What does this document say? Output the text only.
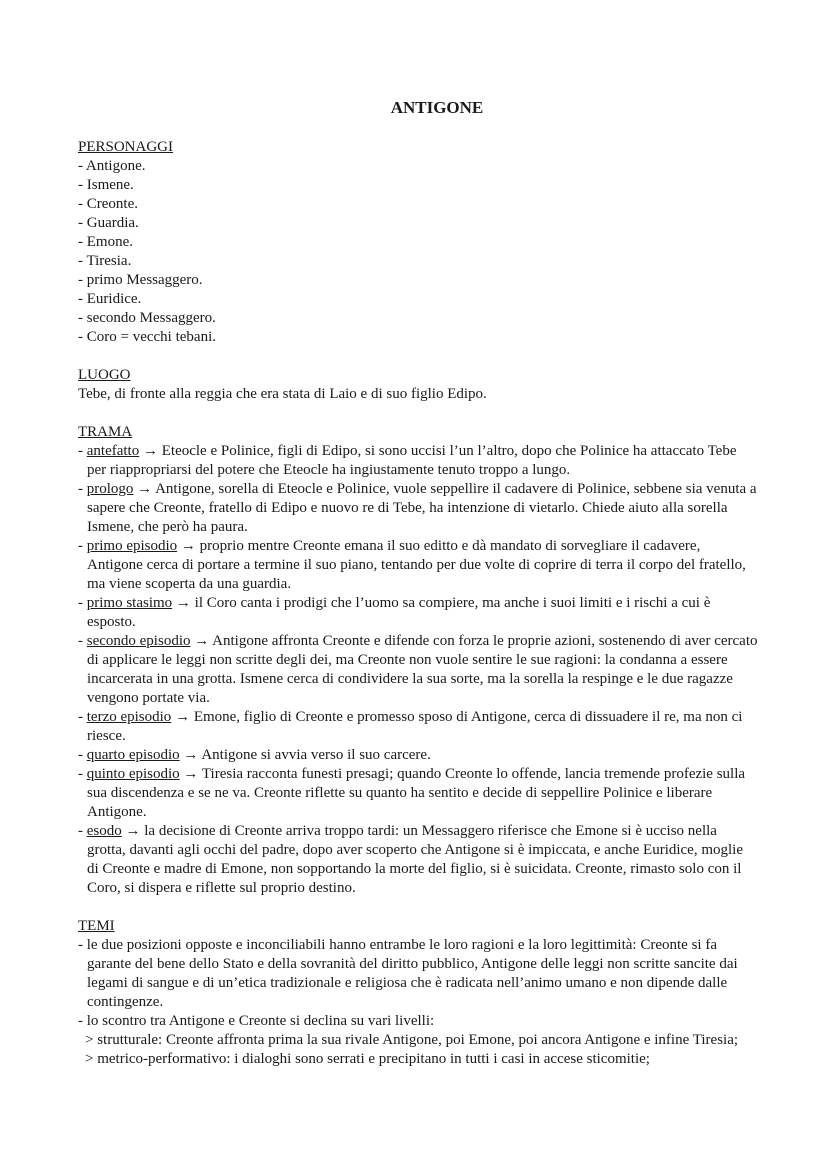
ANTIGONE
PERSONAGGI
- Antigone.
- Ismene.
- Creonte.
- Guardia.
- Emone.
- Tiresia.
- primo Messaggero.
- Euridice.
- secondo Messaggero.
- Coro = vecchi tebani.
LUOGO
Tebe, di fronte alla reggia che era stata di Laio e di suo figlio Edipo.
TRAMA
- antefatto → Eteocle e Polinice, figli di Edipo, si sono uccisi l’un l’altro, dopo che Polinice ha attaccato Tebe per riappropriarsi del potere che Eteocle ha ingiustamente tenuto troppo a lungo.
- prologo → Antigone, sorella di Eteocle e Polinice, vuole seppellire il cadavere di Polinice, sebbene sia venuta a sapere che Creonte, fratello di Edipo e nuovo re di Tebe, ha intenzione di vietarlo. Chiede aiuto alla sorella Ismene, che però ha paura.
- primo episodio → proprio mentre Creonte emana il suo editto e dà mandato di sorvegliare il cadavere, Antigone cerca di portare a termine il suo piano, tentando per due volte di coprire di terra il corpo del fratello, ma viene scoperta da una guardia.
- primo stasimo → il Coro canta i prodigi che l’uomo sa compiere, ma anche i suoi limiti e i rischi a cui è esposto.
- secondo episodio → Antigone affronta Creonte e difende con forza le proprie azioni, sostenendo di aver cercato di applicare le leggi non scritte degli dei, ma Creonte non vuole sentire le sue ragioni: la condanna a essere incarcerata in una grotta. Ismene cerca di condividere la sua sorte, ma la sorella la respinge e le due ragazze vengono portate via.
- terzo episodio → Emone, figlio di Creonte e promesso sposo di Antigone, cerca di dissuadere il re, ma non ci riesce.
- quarto episodio → Antigone si avvia verso il suo carcere.
- quinto episodio → Tiresia racconta funesti presagi; quando Creonte lo offende, lancia tremende profezie sulla sua discendenza e se ne va. Creonte riflette su quanto ha sentito e decide di seppellire Polinice e liberare Antigone.
- esodo → la decisione di Creonte arriva troppo tardi: un Messaggero riferisce che Emone si è ucciso nella grotta, davanti agli occhi del padre, dopo aver scoperto che Antigone si è impiccata, e anche Euridice, moglie di Creonte e madre di Emone, non sopportando la morte del figlio, si è suicidata. Creonte, rimasto solo con il Coro, si dispera e riflette sul proprio destino.
TEMI
- le due posizioni opposte e inconciliabili hanno entrambe le loro ragioni e la loro legittimità: Creonte si fa garante del bene dello Stato e della sovranità del diritto pubblico, Antigone delle leggi non scritte sancite dai legami di sangue e di un’etica tradizionale e religiosa che è radicata nell’animo umano e non dipende dalle contingenze.
- lo scontro tra Antigone e Creonte si declina su vari livelli:
> strutturale: Creonte affronta prima la sua rivale Antigone, poi Emone, poi ancora Antigone e infine Tiresia;
> metrico-performativo: i dialoghi sono serrati e precipitano in tutti i casi in accese sticomitie;
